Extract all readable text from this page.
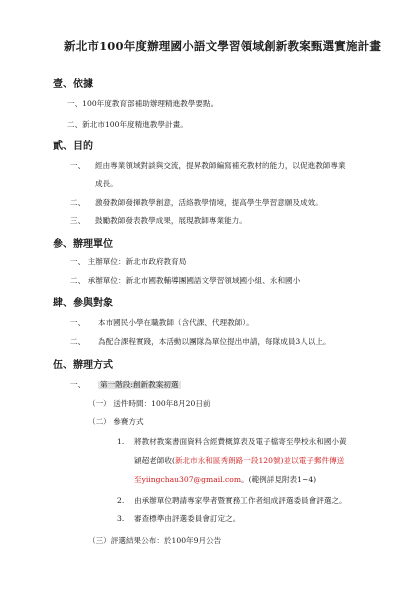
新北市100年度辦理國小語文學習領域創新教案甄選實施計畫
壹、依據
一、100年度教育部補助辦理精進教學要點。
二、新北市100年度精進教學計畫。
貳、目的
一、 經由專業領域對談與交流，提昇教師編寫補充教材的能力，以促進教師專業
成長。
二、 激發教師發揮教學創意，活絡教學情境，提高學生學習意願及成效。
三、 鼓勵教師發表教學成果，展現教師專業能力。
參、辦理單位
一、 主辦單位：新北市政府教育局
二、 承辦單位：新北市國教輔導團國語文學習領域國小組、永和國小
肆、參與對象
一、 本市國民小學在職教師（含代課、代理教師）。
二、 為配合課程實踐，本活動以團隊為單位提出申請，每隊成員3人以上。
伍、辦理方式
一、 第一階段:創新教案初選
（一） 送件時間：100年8月20日前
（二） 參賽方式
1. 將教材教案書面資料含經費概算表及電子檔寄至學校永和國小黃
穎超老師收(新北市永和區秀朗路一段120號)並以電子郵件傳送
至yiingchau307@gmail.com。(範例詳見附表1~4)
2. 由承辦單位聘請專家學者暨實務工作者組成評選委員會評選之。
3. 審查標準由評選委員會訂定之。
（三）評選結果公布：於100年9月公告
